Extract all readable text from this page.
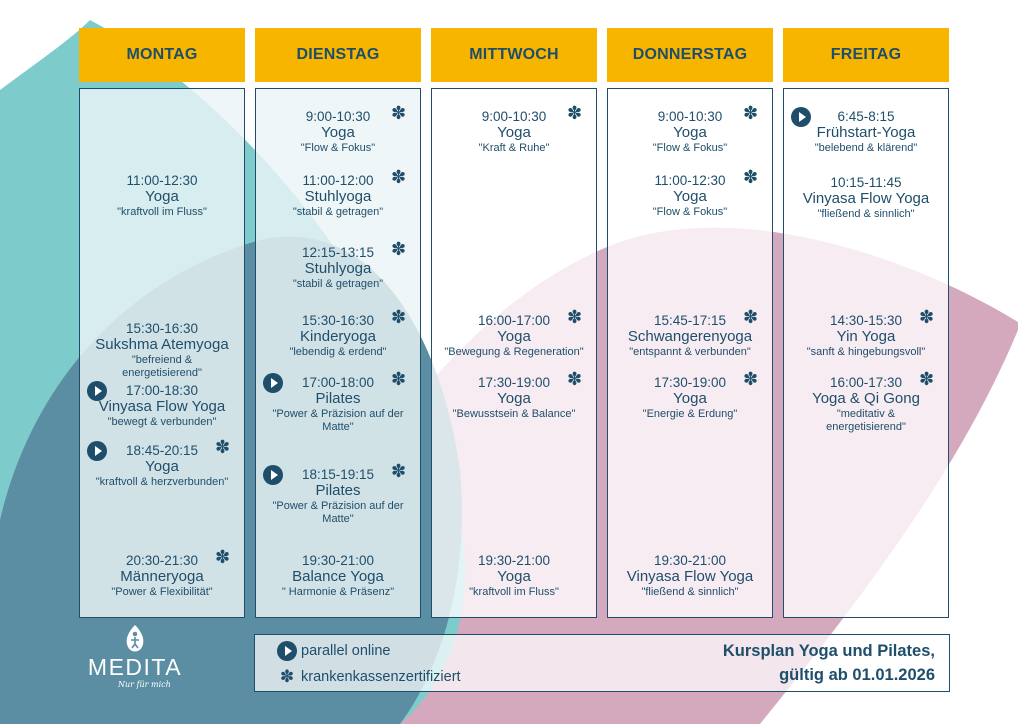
MONTAG
11:00-12:30
Yoga
"kraftvoll im Fluss"
15:30-16:30
Sukshma Atemyoga
"befreiend & energetisierend"
17:00-18:30
Vinyasa Flow Yoga
"bewegt & verbunden"
18:45-20:15
Yoga
"kraftvoll & herzverbunden"
✽
20:30-21:30
Männeryoga
"Power & Flexibilität"
✽
DIENSTAG
9:00-10:30
Yoga
"Flow & Fokus"
✽
11:00-12:00
Stuhlyoga
"stabil & getragen"
✽
12:15-13:15
Stuhlyoga
"stabil & getragen"
✽
15:30-16:30
Kinderyoga
"lebendig & erdend"
✽
17:00-18:00
Pilates
"Power & Präzision auf der Matte"
✽
18:15-19:15
Pilates
"Power & Präzision auf der Matte"
✽
19:30-21:00
Balance Yoga
" Harmonie & Präsenz"
MITTWOCH
9:00-10:30
Yoga
"Kraft & Ruhe"
✽
16:00-17:00
Yoga
"Bewegung & Regeneration"
✽
17:30-19:00
Yoga
"Bewusstsein & Balance"
✽
19:30-21:00
Yoga
"kraftvoll im Fluss"
DONNERSTAG
9:00-10:30
Yoga
"Flow & Fokus"
✽
11:00-12:30
Yoga
"Flow & Fokus"
✽
15:45-17:15
Schwangerenyoga
"entspannt & verbunden"
✽
17:30-19:00
Yoga
"Energie & Erdung"
✽
19:30-21:00
Vinyasa Flow Yoga
"fließend & sinnlich"
FREITAG
6:45-8:15
Frühstart-Yoga
"belebend & klärend"
10:15-11:45
Vinyasa Flow Yoga
"fließend & sinnlich"
14:30-15:30
Yin Yoga
"sanft & hingebungsvoll"
✽
16:00-17:30
Yoga & Qi Gong
"meditativ & energetisierend"
✽
parallel online
✽ krankenkassenzertifiziert
Kursplan Yoga und Pilates,
gültig ab 01.01.2026
MEDITA
Nur für mich
